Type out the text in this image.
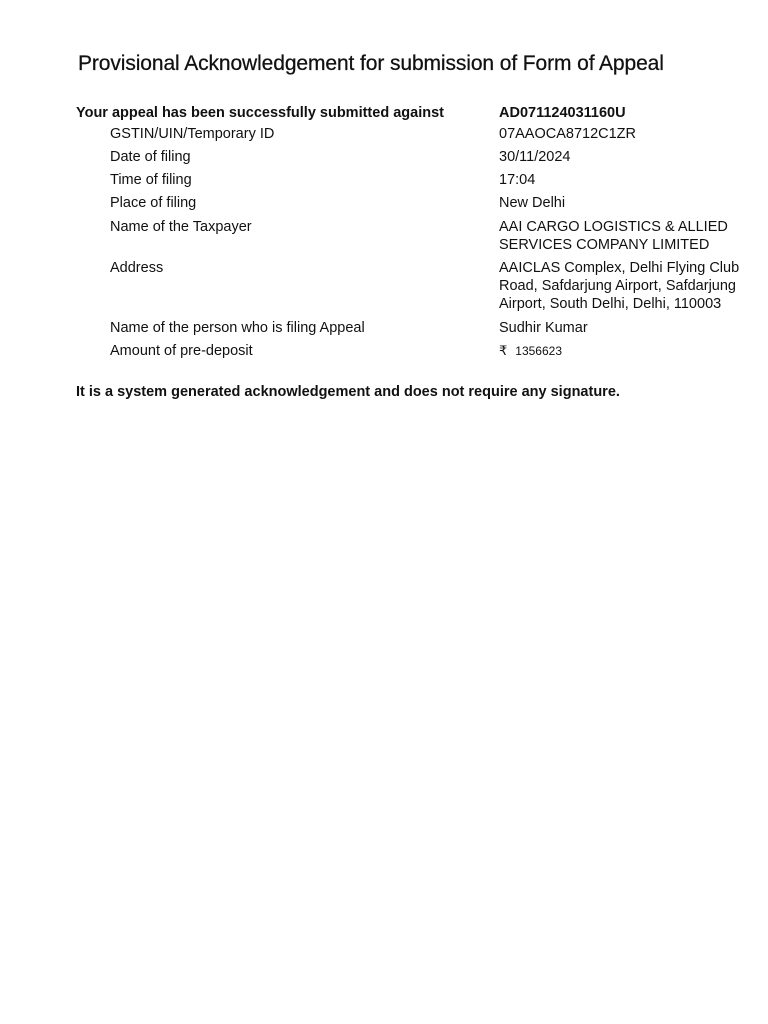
Provisional Acknowledgement for submission of Form of Appeal
Your appeal has been successfully submitted against	AD071124031160U
GSTIN/UIN/Temporary ID	07AAOCA8712C1ZR
Date of filing	30/11/2024
Time of filing	17:04
Place of filing	New Delhi
Name of the Taxpayer	AAI CARGO LOGISTICS & ALLIED SERVICES COMPANY LIMITED
Address	AAICLAS Complex, Delhi Flying Club Road, Safdarjung Airport, Safdarjung Airport, South Delhi, Delhi, 110003
Name of the person who is filing Appeal	Sudhir Kumar
Amount of pre-deposit	₹ 1356623
It is a system generated acknowledgement and does not require any signature.
